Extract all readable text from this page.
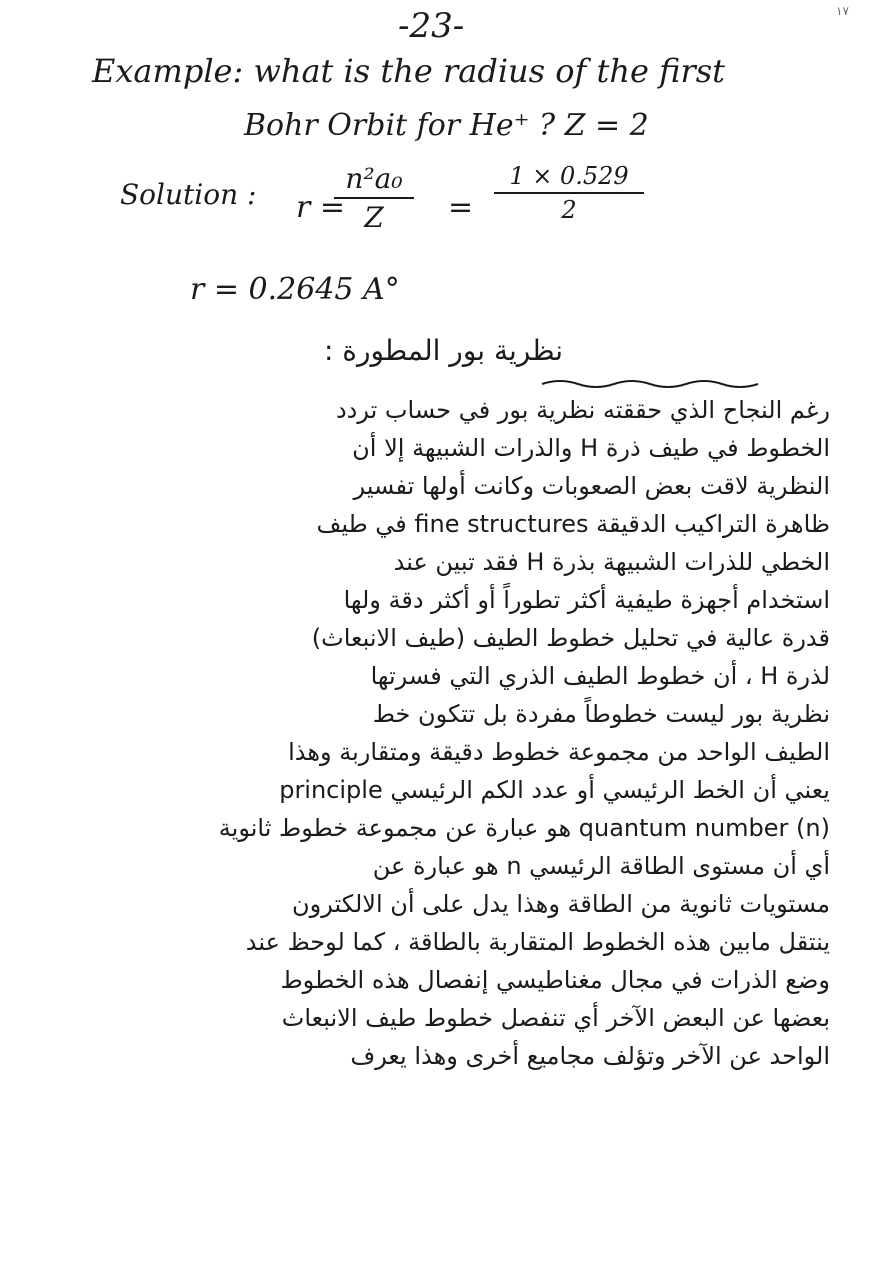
-23-	١٧
Example: what is the radius of the first
Bohr Orbit for He⁺ ? Z = 2
Solution : r =
n²a₀
Z	=
1 × 0.529
2
r = 0.2645 A°
نظرية بور المطورة :
رغم النجاح الذي حققته نظرية بور في حساب تردد
الخطوط في طيف ذرة H والذرات الشبيهة إلا أن
النظرية لاقت بعض الصعوبات وكانت أولها تفسير
ظاهرة التراكيب الدقيقة fine structures في طيف
الخطي للذرات الشبيهة بذرة H فقد تبين عند
استخدام أجهزة طيفية أكثر تطوراً أو أكثر دقة ولها
قدرة عالية في تحليل خطوط الطيف (طيف الانبعاث)
لذرة H ، أن خطوط الطيف الذري التي فسرتها
نظرية بور ليست خطوطاً مفردة بل تتكون خط
الطيف الواحد من مجموعة خطوط دقيقة ومتقاربة وهذا
يعني أن الخط الرئيسي أو عدد الكم الرئيسي principle
quantum number (n) هو عبارة عن مجموعة خطوط ثانوية
أي أن مستوى الطاقة الرئيسي n هو عبارة عن
مستويات ثانوية من الطاقة وهذا يدل على أن الالكترون
ينتقل مابين هذه الخطوط المتقاربة بالطاقة ، كما لوحظ عند
وضع الذرات في مجال مغناطيسي إنفصال هذه الخطوط
بعضها عن البعض الآخر أي تنفصل خطوط طيف الانبعاث
الواحد عن الآخر وتؤلف مجاميع أخرى وهذا يعرف
